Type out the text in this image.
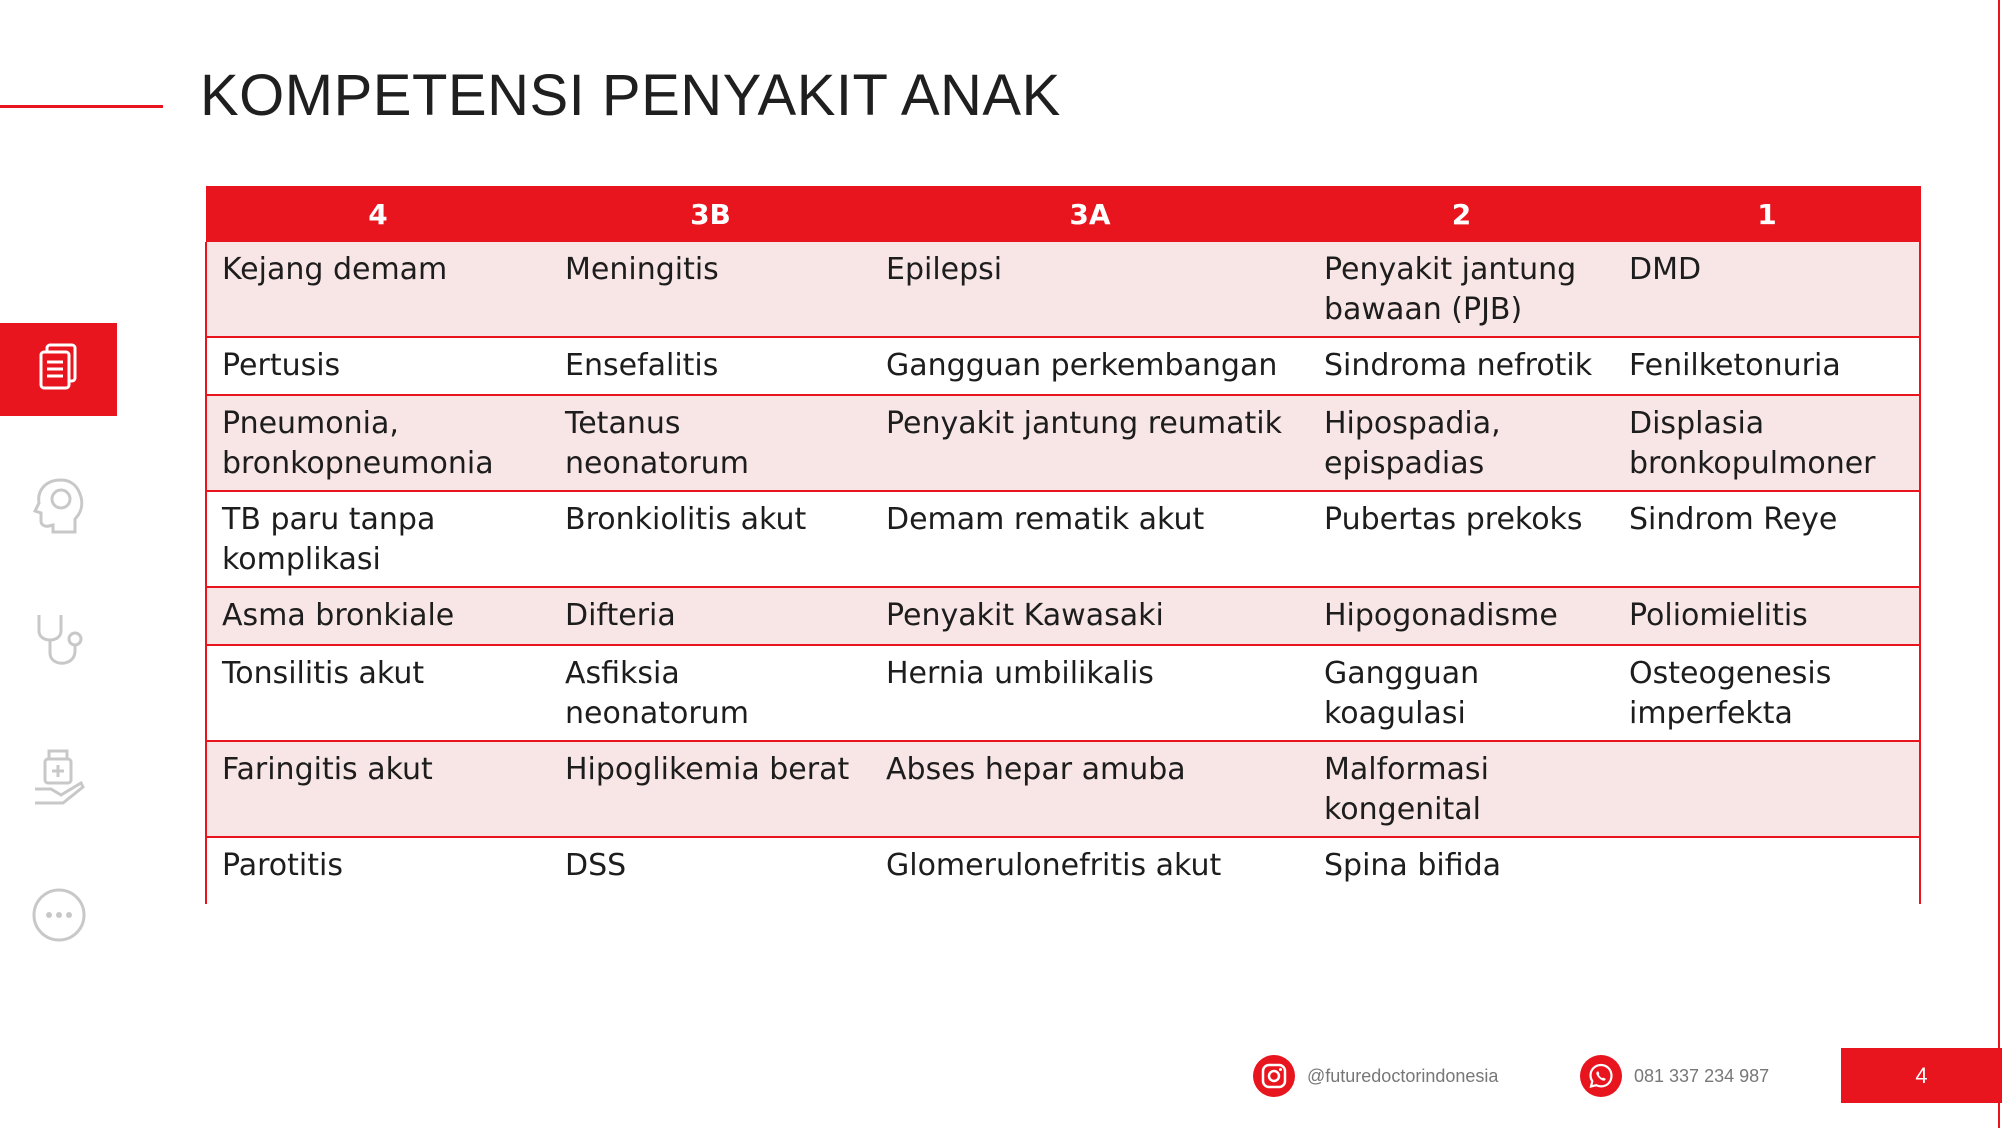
KOMPETENSI PENYAKIT ANAK
4	3B	3A	2	1
Kejang demam	Meningitis	Epilepsi	Penyakit jantung bawaan (PJB)	DMD
Pertusis	Ensefalitis	Gangguan perkembangan	Sindroma nefrotik	Fenilketonuria
Pneumonia, bronkopneumonia	Tetanus neonatorum	Penyakit jantung reumatik	Hipospadia, epispadias	Displasia bronkopulmoner
TB paru tanpa komplikasi	Bronkiolitis akut	Demam rematik akut	Pubertas prekoks	Sindrom Reye
Asma bronkiale	Difteria	Penyakit Kawasaki	Hipogonadisme	Poliomielitis
Tonsilitis akut	Asfiksia neonatorum	Hernia umbilikalis	Gangguan koagulasi	Osteogenesis imperfekta
Faringitis akut	Hipoglikemia berat	Abses hepar amuba	Malformasi kongenital	
Parotitis	DSS	Glomerulonefritis akut	Spina bifida	
@futuredoctorindonesia	081 337 234 987	4
